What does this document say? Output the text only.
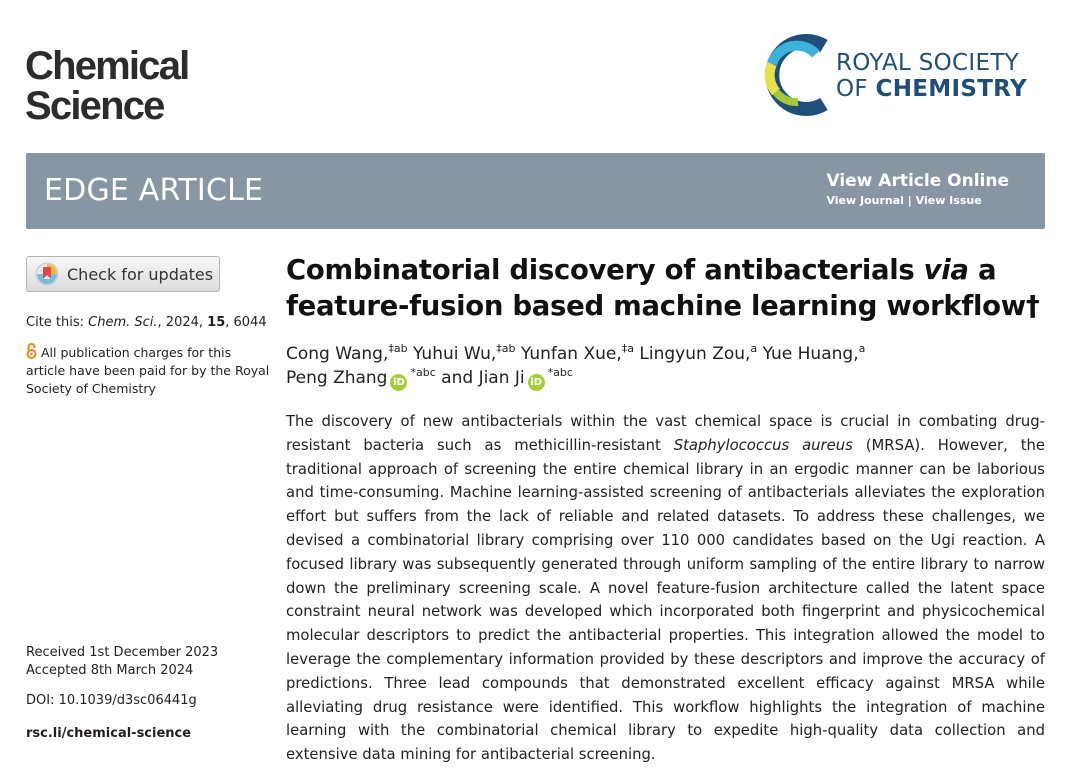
Chemical
Science
ROYAL SOCIETY
OF CHEMISTRY
EDGE ARTICLE	View Article Online
View Journal | View Issue
Check for updates
Cite this: Chem. Sci., 2024, 15, 6044
All publication charges for this article have been paid for by the Royal Society of Chemistry
Received 1st December 2023
Accepted 8th March 2024
DOI: 10.1039/d3sc06441g
rsc.li/chemical-science
Combinatorial discovery of antibacterials via a feature-fusion based machine learning workflow†
Cong Wang,$^{\ddagger ab}$ Yuhui Wu,$^{\ddagger ab}$ Yunfan Xue,$^{\ddagger a}$ Lingyun Zou,$^a$ Yue Huang,$^a$
Peng Zhang $iD^{*abc}$ and Jian Ji $iD^{*abc}$
The discovery of new antibacterials within the vast chemical space is crucial in combating drug-resistant bacteria such as methicillin-resistant Staphylococcus aureus (MRSA). However, the traditional approach of screening the entire chemical library in an ergodic manner can be laborious and time-consuming. Machine learning-assisted screening of antibacterials alleviates the exploration effort but suffers from the lack of reliable and related datasets. To address these challenges, we devised a combinatorial library comprising over 110 000 candidates based on the Ugi reaction. A focused library was subsequently generated through uniform sampling of the entire library to narrow down the preliminary screening scale. A novel feature-fusion architecture called the latent space constraint neural network was developed which incorporated both fingerprint and physicochemical molecular descriptors to predict the antibacterial properties. This integration allowed the model to leverage the complementary information provided by these descriptors and improve the accuracy of predictions. Three lead compounds that demonstrated excellent efficacy against MRSA while alleviating drug resistance were identified. This workflow highlights the integration of machine learning with the combinatorial chemical library to expedite high-quality data collection and extensive data mining for antibacterial screening.
